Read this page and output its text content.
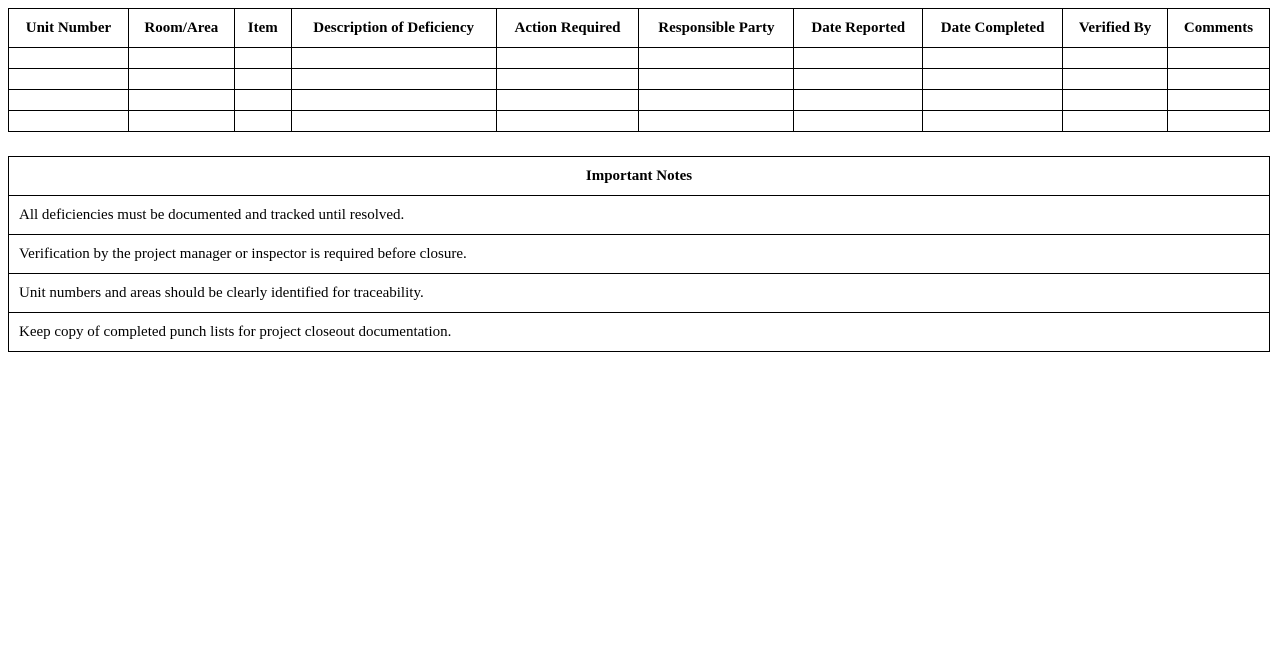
Unit Number	Room/Area	Item	Description of Deficiency	Action Required	Responsible Party	Date Reported	Date Completed	Verified By	Comments

Important Notes
All deficiencies must be documented and tracked until resolved.
Verification by the project manager or inspector is required before closure.
Unit numbers and areas should be clearly identified for traceability.
Keep copy of completed punch lists for project closeout documentation.
